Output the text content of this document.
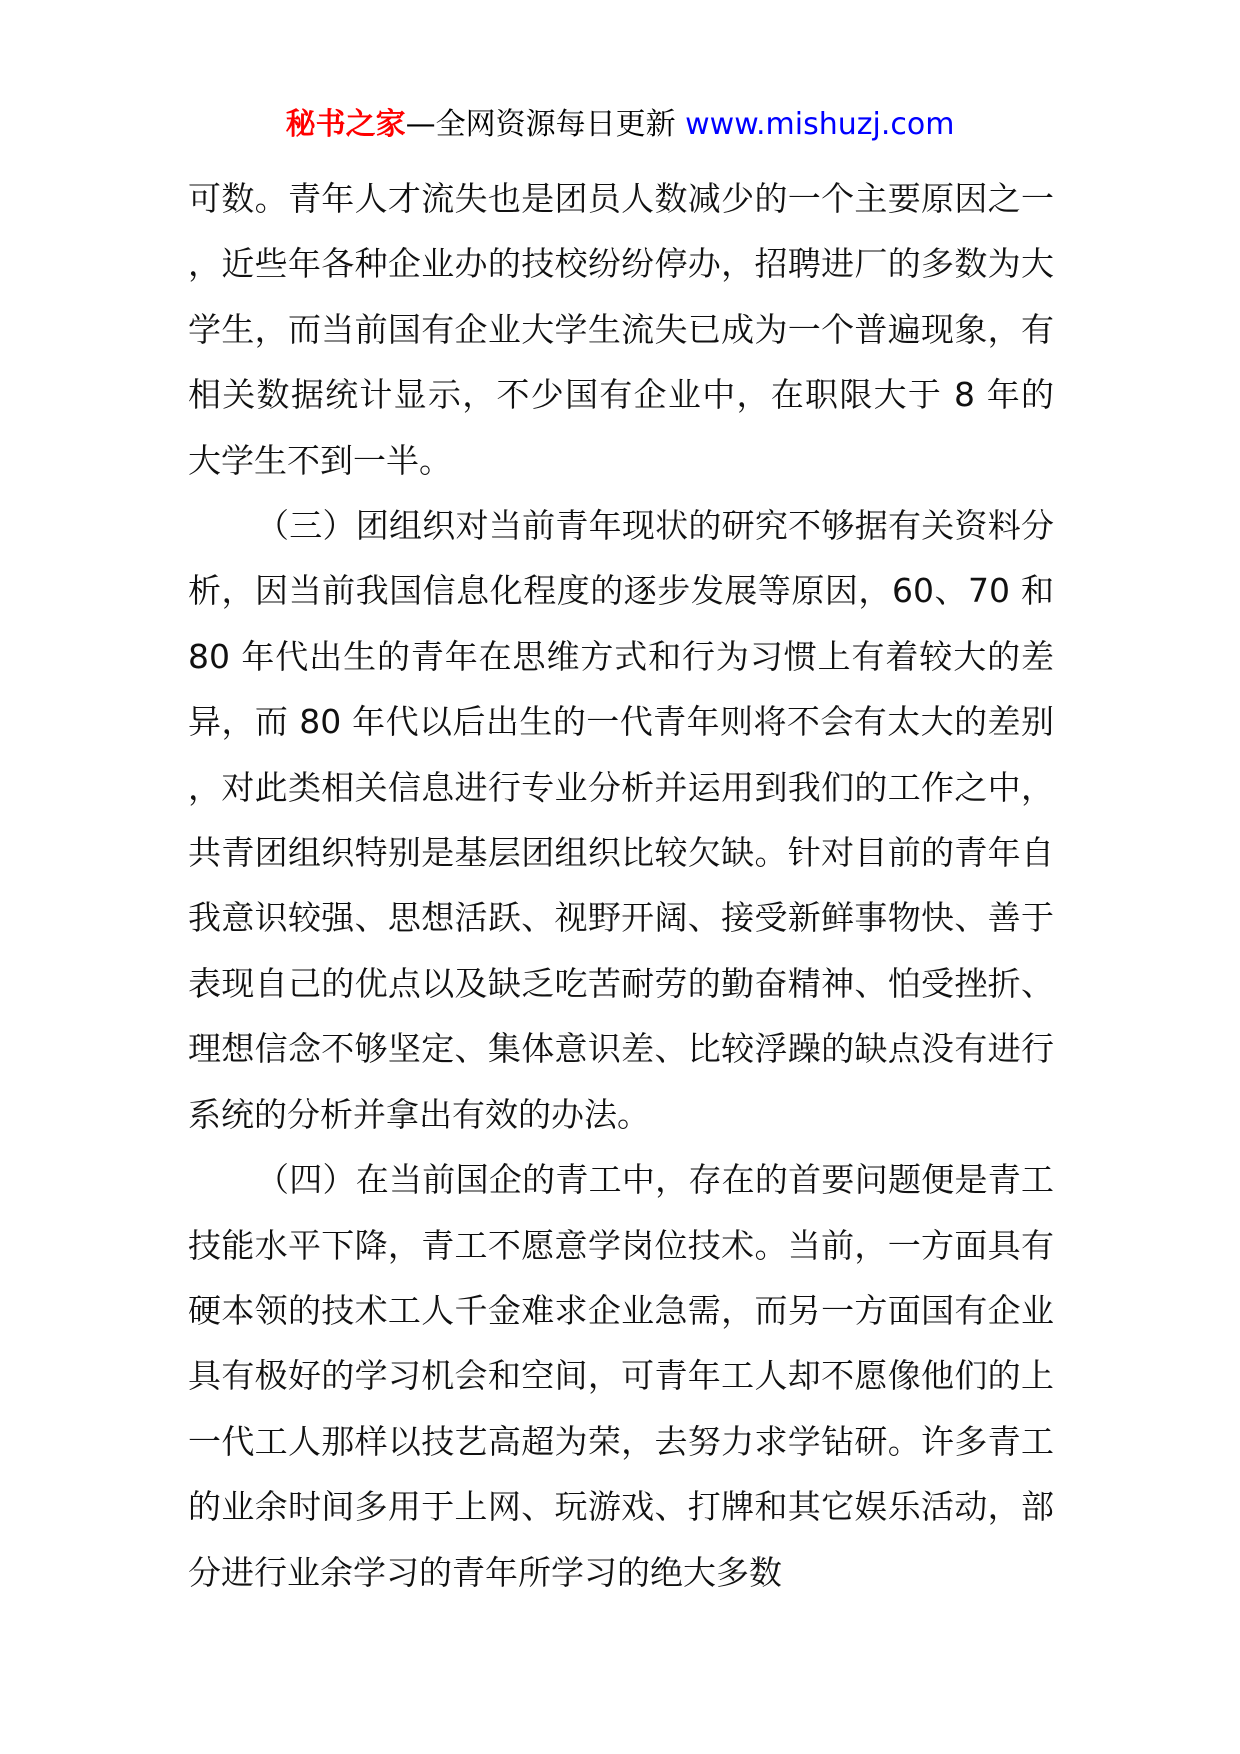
秘书之家—全网资源每日更新 www.mishuzj.com

可数。青年人才流失也是团员人数减少的一个主要原因之一，近些年各种企业办的技校纷纷停办，招聘进厂的多数为大学生，而当前国有企业大学生流失已成为一个普遍现象，有相关数据统计显示，不少国有企业中，在职限大于 8 年的大学生不到一半。

（三）团组织对当前青年现状的研究不够据有关资料分析，因当前我国信息化程度的逐步发展等原因，60、70 和 80 年代出生的青年在思维方式和行为习惯上有着较大的差异，而 80 年代以后出生的一代青年则将不会有太大的差别，对此类相关信息进行专业分析并运用到我们的工作之中，共青团组织特别是基层团组织比较欠缺。针对目前的青年自我意识较强、思想活跃、视野开阔、接受新鲜事物快、善于表现自己的优点以及缺乏吃苦耐劳的勤奋精神、怕受挫折、理想信念不够坚定、集体意识差、比较浮躁的缺点没有进行系统的分析并拿出有效的办法。

（四）在当前国企的青工中，存在的首要问题便是青工技能水平下降，青工不愿意学岗位技术。当前，一方面具有硬本领的技术工人千金难求企业急需，而另一方面国有企业具有极好的学习机会和空间，可青年工人却不愿像他们的上一代工人那样以技艺高超为荣，去努力求学钻研。许多青工的业余时间多用于上网、玩游戏、打牌和其它娱乐活动，部分进行业余学习的青年所学习的绝大多数
